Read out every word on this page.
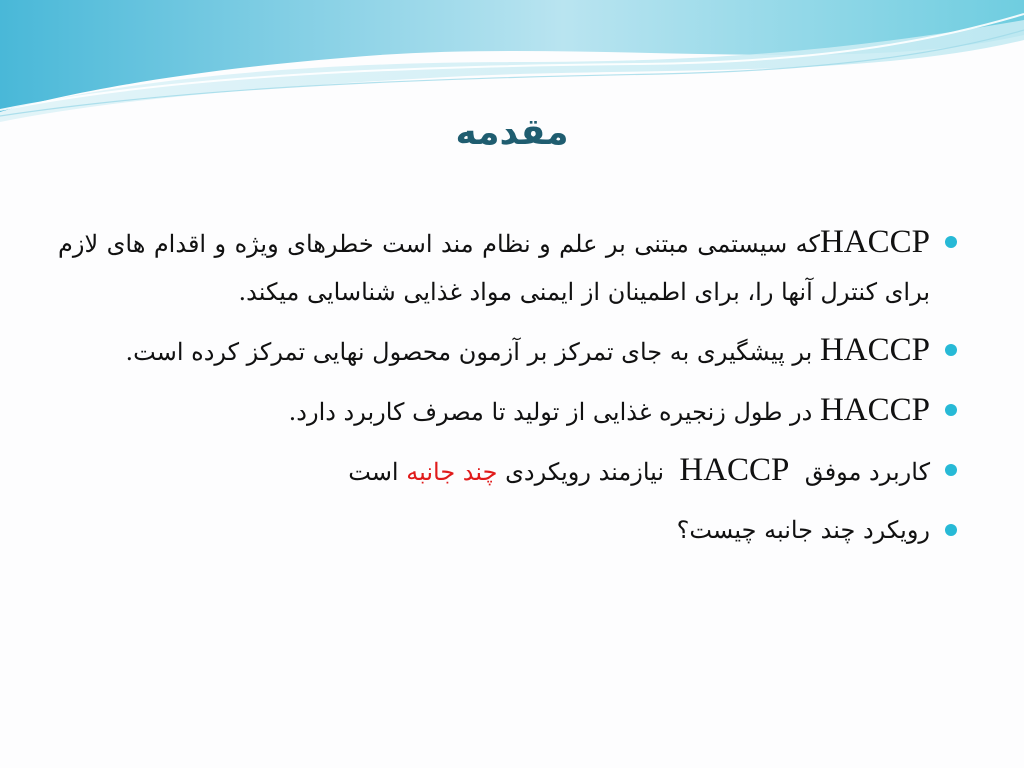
مقدمه
HACCPکه سیستمی مبتنی بر علم و نظام مند است خطرهای ویژه و اقدام های لازم برای کنترل آنها را، برای اطمینان از ایمنی مواد غذایی شناسایی میکند.
HACCP بر پیشگیری به جای تمرکز بر آزمون محصول نهایی تمرکز کرده است.
HACCP در طول زنجیره غذایی از تولید تا مصرف کاربرد دارد.
کاربرد موفق  HACCP  نیازمند رویکردی چند جانبه است
رویکرد چند جانبه چیست؟
